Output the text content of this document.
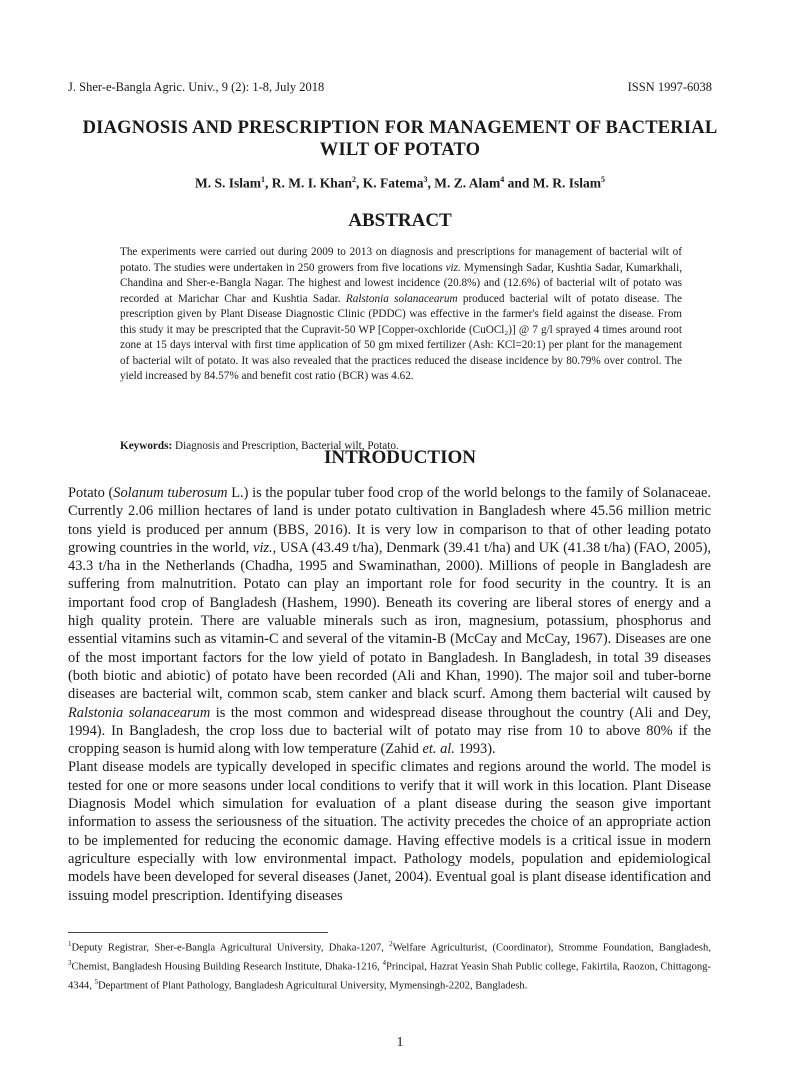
J. Sher-e-Bangla Agric. Univ., 9 (2): 1-8, July 2018	ISSN 1997-6038
DIAGNOSIS AND PRESCRIPTION FOR MANAGEMENT OF BACTERIAL
WILT OF POTATO
M. S. Islam$^1$, R. M. I. Khan$^2$, K. Fatema$^3$, M. Z. Alam$^4$ and M. R. Islam$^5$
ABSTRACT

The experiments were carried out during 2009 to 2013 on diagnosis and prescriptions for management of bacterial wilt of potato. The studies were undertaken in 250 growers from five locations viz. Mymensingh Sadar, Kushtia Sadar, Kumarkhali, Chandina and Sher-e-Bangla Nagar. The highest and lowest incidence (20.8%) and (12.6%) of bacterial wilt of potato was recorded at Marichar Char and Kushtia Sadar. Ralstonia solanacearum produced bacterial wilt of potato disease. The prescription given by Plant Disease Diagnostic Clinic (PDDC) was effective in the farmer's field against the disease. From this study it may be prescripted that the Cupravit-50 WP [Copper-oxchloride (CuOCl₂)] @ 7 g/l sprayed 4 times around root zone at 15 days interval with first time application of 50 gm mixed fertilizer (Ash: KCl=20:1) per plant for the management of bacterial wilt of potato. It was also revealed that the practices reduced the disease incidence by 80.79% over control. The yield increased by 84.57% and benefit cost ratio (BCR) was 4.62.

Keywords: Diagnosis and Prescription, Bacterial wilt, Potato.
INTRODUCTION

Potato (Solanum tuberosum L.) is the popular tuber food crop of the world belongs to the family of Solanaceae. Currently 2.06 million hectares of land is under potato cultivation in Bangladesh where 45.56 million metric tons yield is produced per annum (BBS, 2016). It is very low in comparison to that of other leading potato growing countries in the world, viz., USA (43.49 t/ha), Denmark (39.41 t/ha) and UK (41.38 t/ha) (FAO, 2005), 43.3 t/ha in the Netherlands (Chadha, 1995 and Swaminathan, 2000). Millions of people in Bangladesh are suffering from malnutrition. Potato can play an important role for food security in the country. It is an important food crop of Bangladesh (Hashem, 1990). Beneath its covering are liberal stores of energy and a high quality protein. There are valuable minerals such as iron, magnesium, potassium, phosphorus and essential vitamins such as vitamin-C and several of the vitamin-B (McCay and McCay, 1967). Diseases are one of the most important factors for the low yield of potato in Bangladesh. In Bangladesh, in total 39 diseases (both biotic and abiotic) of potato have been recorded (Ali and Khan, 1990). The major soil and tuber-borne diseases are bacterial wilt, common scab, stem canker and black scurf. Among them bacterial wilt caused by Ralstonia solanacearum is the most common and widespread disease throughout the country (Ali and Dey, 1994). In Bangladesh, the crop loss due to bacterial wilt of potato may rise from 10 to above 80% if the cropping season is humid along with low temperature (Zahid et. al. 1993).

Plant disease models are typically developed in specific climates and regions around the world. The model is tested for one or more seasons under local conditions to verify that it will work in this location. Plant Disease Diagnosis Model which simulation for evaluation of a plant disease during the season give important information to assess the seriousness of the situation. The activity precedes the choice of an appropriate action to be implemented for reducing the economic damage. Having effective models is a critical issue in modern agriculture especially with low environmental impact. Pathology models, population and epidemiological models have been developed for several diseases (Janet, 2004). Eventual goal is plant disease identification and issuing model prescription. Identifying diseases

$^1$Deputy Registrar, Sher-e-Bangla Agricultural University, Dhaka-1207, $^2$Welfare Agriculturist, (Coordinator), Stromme Foundation, Bangladesh, $^3$Chemist, Bangladesh Housing Building Research Institute, Dhaka-1216, $^4$Principal, Hazrat Yeasin Shah Public college, Fakirtila, Raozon, Chittagong-4344, $^5$Department of Plant Pathology, Bangladesh Agricultural University, Mymensingh-2202, Bangladesh.
1
